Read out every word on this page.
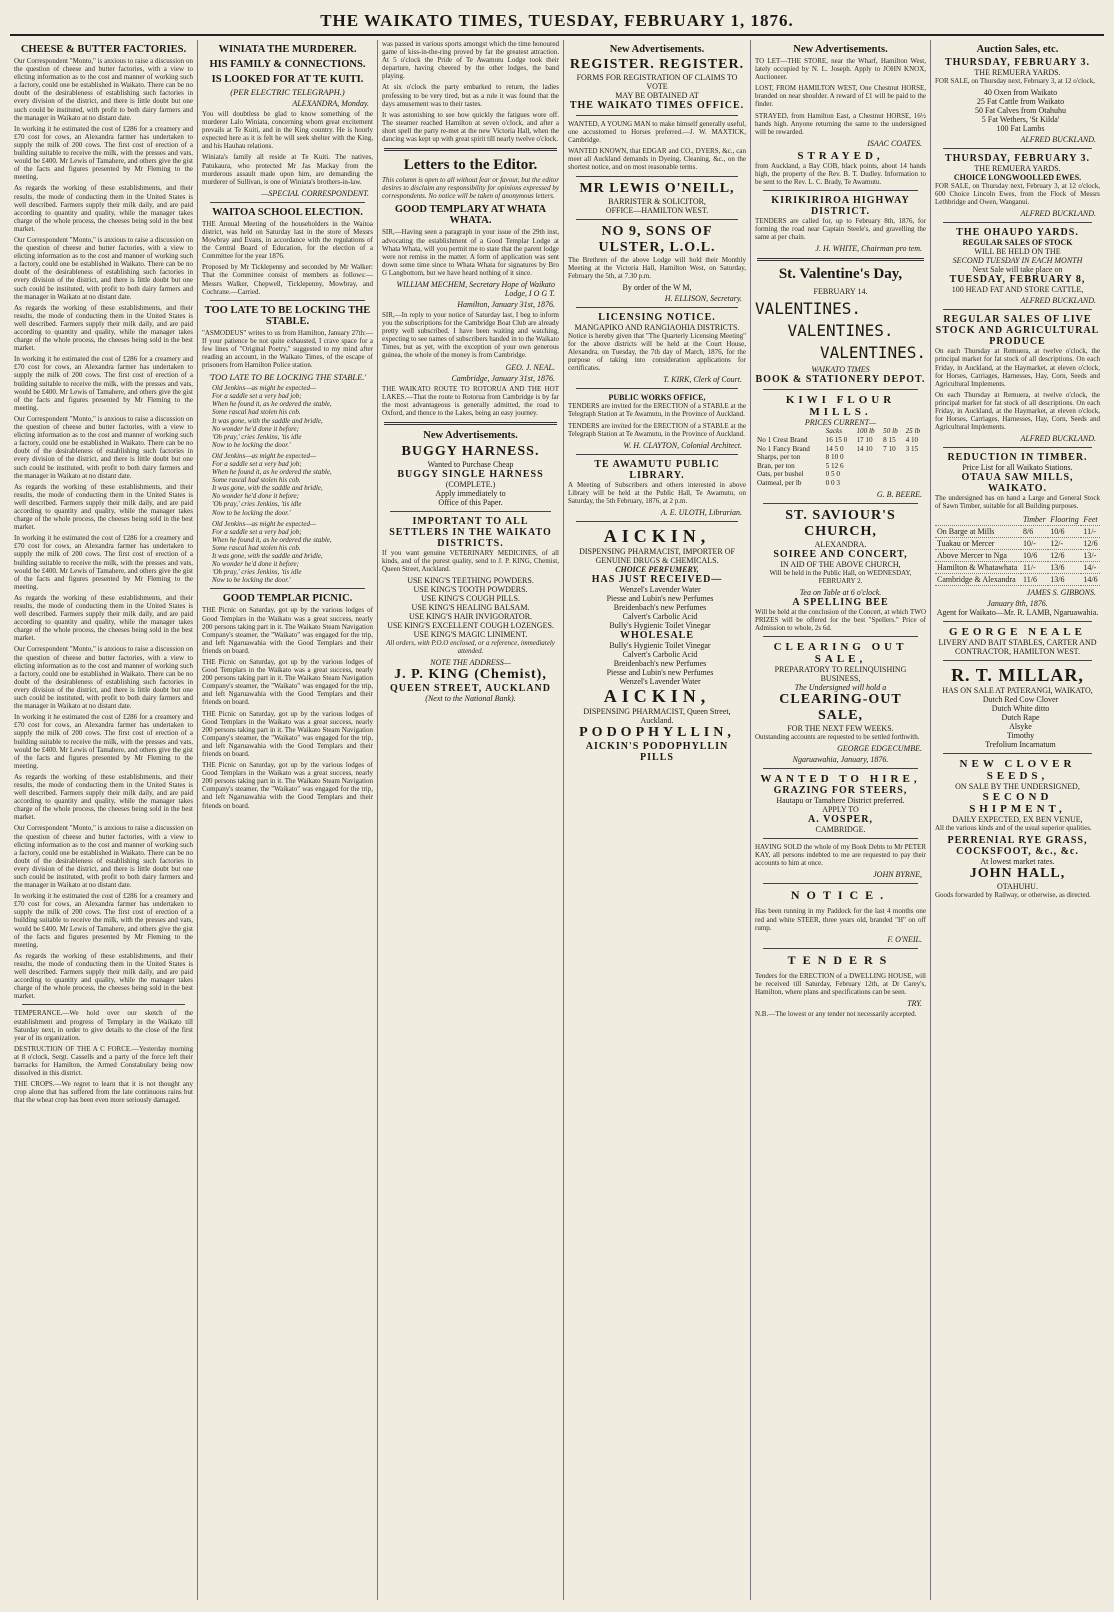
THE WAIKATO TIMES, TUESDAY, FEBRUARY 1, 1876.
CHEESE & BUTTER FACTORIES.

Our Correspondent "Monto," is anxious to raise a discussion on the question of cheese and butter factories, with a view to elicting information as to the cost and manner of working such a factory, could one be established in Waikato. There can be no doubt of the desirableness of establishing such factories in every division of the district, and there is little doubt but one such could be instituted, with profit to both dairy farmers and the manager in Waikato at no distant date.

In working it he estimated the cost of £286 for a creamery and £70 cost for cows, an Alexandra farmer has undertaken to supply the milk of 200 cows. The first cost of erection of a building suitable to receive the milk, with the presses and vats, would be £400. Mr Lewis of Tamahere, and others give the gist of the facts and figures presented by Mr Fleming to the meeting.

As regards the working of these establishments, and their results, the mode of conducting them in the United States is well described. Farmers supply their milk daily, and are paid according to quantity and quality, while the manager takes charge of the whole process, the cheeses being sold in the best market.

Our Correspondent "Monto," is anxious to raise a discussion on the question of cheese and butter factories, with a view to elicting information as to the cost and manner of working such a factory, could one be established in Waikato. There can be no doubt of the desirableness of establishing such factories in every division of the district, and there is little doubt but one such could be instituted, with profit to both dairy farmers and the manager in Waikato at no distant date.

As regards the working of these establishments, and their results, the mode of conducting them in the United States is well described. Farmers supply their milk daily, and are paid according to quantity and quality, while the manager takes charge of the whole process, the cheeses being sold in the best market.

In working it he estimated the cost of £286 for a creamery and £70 cost for cows, an Alexandra farmer has undertaken to supply the milk of 200 cows. The first cost of erection of a building suitable to receive the milk, with the presses and vats, would be £400. Mr Lewis of Tamahere, and others give the gist of the facts and figures presented by Mr Fleming to the meeting.

Our Correspondent "Monto," is anxious to raise a discussion on the question of cheese and butter factories, with a view to elicting information as to the cost and manner of working such a factory, could one be established in Waikato. There can be no doubt of the desirableness of establishing such factories in every division of the district, and there is little doubt but one such could be instituted, with profit to both dairy farmers and the manager in Waikato at no distant date.

As regards the working of these establishments, and their results, the mode of conducting them in the United States is well described. Farmers supply their milk daily, and are paid according to quantity and quality, while the manager takes charge of the whole process, the cheeses being sold in the best market.

In working it he estimated the cost of £286 for a creamery and £70 cost for cows, an Alexandra farmer has undertaken to supply the milk of 200 cows. The first cost of erection of a building suitable to receive the milk, with the presses and vats, would be £400. Mr Lewis of Tamahere, and others give the gist of the facts and figures presented by Mr Fleming to the meeting.

As regards the working of these establishments, and their results, the mode of conducting them in the United States is well described. Farmers supply their milk daily, and are paid according to quantity and quality, while the manager takes charge of the whole process, the cheeses being sold in the best market.

Our Correspondent "Monto," is anxious to raise a discussion on the question of cheese and butter factories, with a view to elicting information as to the cost and manner of working such a factory, could one be established in Waikato. There can be no doubt of the desirableness of establishing such factories in every division of the district, and there is little doubt but one such could be instituted, with profit to both dairy farmers and the manager in Waikato at no distant date.

In working it he estimated the cost of £286 for a creamery and £70 cost for cows, an Alexandra farmer has undertaken to supply the milk of 200 cows. The first cost of erection of a building suitable to receive the milk, with the presses and vats, would be £400. Mr Lewis of Tamahere, and others give the gist of the facts and figures presented by Mr Fleming to the meeting.

As regards the working of these establishments, and their results, the mode of conducting them in the United States is well described. Farmers supply their milk daily, and are paid according to quantity and quality, while the manager takes charge of the whole process, the cheeses being sold in the best market.

Our Correspondent "Monto," is anxious to raise a discussion on the question of cheese and butter factories, with a view to elicting information as to the cost and manner of working such a factory, could one be established in Waikato. There can be no doubt of the desirableness of establishing such factories in every division of the district, and there is little doubt but one such could be instituted, with profit to both dairy farmers and the manager in Waikato at no distant date.

In working it he estimated the cost of £286 for a creamery and £70 cost for cows, an Alexandra farmer has undertaken to supply the milk of 200 cows. The first cost of erection of a building suitable to receive the milk, with the presses and vats, would be £400. Mr Lewis of Tamahere, and others give the gist of the facts and figures presented by Mr Fleming to the meeting.

As regards the working of these establishments, and their results, the mode of conducting them in the United States is well described. Farmers supply their milk daily, and are paid according to quantity and quality, while the manager takes charge of the whole process, the cheeses being sold in the best market.

TEMPERANCE.—We hold over our sketch of the establishment and progress of Templary in the Waikato till Saturday next, in order to give details to the close of the first year of its organization.

DESTRUCTION OF THE A C FORCE.—Yesterday morning at 8 o'clock, Sergt. Cassells and a party of the force left their barracks for Hamilton, the Armed Constabulary being now dissolved in this district.

THE CROPS.—We regret to learn that it is not thought any crop alone that has suffered from the late continuous rains but that the wheat crop has been even more seriously damaged.

WINIATA THE MURDERER.
HIS FAMILY & CONNECTIONS.
IS LOOKED FOR AT TE KUITI.
(PER ELECTRIC TELEGRAPH.)
ALEXANDRA, Monday.

You will doubtless be glad to know something of the murderer Lalo Winiata, concerning whom great excitement prevails at Te Kuiti, and in the King country. He is hourly expected here as it is felt he will seek shelter with the King, and his Hauhau relations.

Winiata's family all reside at Te Kuiti. The natives, Patukaura, who protected Mr Jas Mackay from the murderous assault made upon him, are demanding the murderer of Sullivan, is one of Winiata's brothers-in-law.

—SPECIAL CORRESPONDENT.
WAITOA SCHOOL ELECTION.

THE Annual Meeting of the householders in the Waitoa district, was held on Saturday last in the store of Messrs Mowbray and Evans, in accordance with the regulations of the Central Board of Education, for the election of a Committee for the year 1876.

Proposed by Mr Ticklepenny and seconded by Mr Walker: That the Committee consist of members as follows:—Messrs Walker, Chepwell, Ticklepenny, Mowbray, and Cochrane.—Carried.

TOO LATE TO BE LOCKING THE STABLE.

"ASMODEUS" writes to us from Hamilton, January 27th:—If your patience be not quite exhausted, I crave space for a few lines of "Original Poetry," suggested to my mind after reading an account, in the Waikato Times, of the escape of prisoners from Hamilton Police station.

'TOO LATE TO BE LOCKING THE STABLE.'

Old Jenkins—as might be expected—
For a saddle set a very bad job;
When he found it, as he ordered the stable,
Some rascal had stolen his cob.
It was gone, with the saddle and bridle,
No wonder he'd done it before;
'Oh pray,' cries Jenkins, 'tis idle
Now to be locking the door.'

Old Jenkins—as might be expected—
For a saddle set a very bad job;
When he found it, as he ordered the stable,
Some rascal had stolen his cob.
It was gone, with the saddle and bridle,
No wonder he'd done it before;
'Oh pray,' cries Jenkins, 'tis idle
Now to be locking the door.'

Old Jenkins—as might be expected—
For a saddle set a very bad job;
When he found it, as he ordered the stable,
Some rascal had stolen his cob.
It was gone, with the saddle and bridle,
No wonder he'd done it before;
'Oh pray,' cries Jenkins, 'tis idle
Now to be locking the door.'

GOOD TEMPLAR PICNIC.

THE Picnic on Saturday, got up by the various lodges of Good Templars in the Waikato was a great success, nearly 200 persons taking part in it. The Waikato Steam Navigation Company's steamer, the "Waikato" was engaged for the trip, and left Ngaruawahia with the Good Templars and their friends on board.

THE Picnic on Saturday, got up by the various lodges of Good Templars in the Waikato was a great success, nearly 200 persons taking part in it. The Waikato Steam Navigation Company's steamer, the "Waikato" was engaged for the trip, and left Ngaruawahia with the Good Templars and their friends on board.

THE Picnic on Saturday, got up by the various lodges of Good Templars in the Waikato was a great success, nearly 200 persons taking part in it. The Waikato Steam Navigation Company's steamer, the "Waikato" was engaged for the trip, and left Ngaruawahia with the Good Templars and their friends on board.

THE Picnic on Saturday, got up by the various lodges of Good Templars in the Waikato was a great success, nearly 200 persons taking part in it. The Waikato Steam Navigation Company's steamer, the "Waikato" was engaged for the trip, and left Ngaruawahia with the Good Templars and their friends on board.

was passed in various sports amongst which the time honoured game of kiss-in-the-ring proved by far the greatest attraction. At 5 o'clock the Pride of Te Awamutu Lodge took their departure, having cheered by the other lodges, the band playing.

At six o'clock the party embarked to return, the ladies professing to be very tired, but as a rule it was found that the days amusement was to their tastes.

It was astonishing to see how quickly the fatigues wore off. The steamer reached Hamilton at seven o'clock, and after a short spell the party re-met at the new Victoria Hall, when the dancing was kept up with great spirit till nearly twelve o'clock.

Letters to the Editor.

This column is open to all without fear or favour, but the editor desires to disclaim any responsibility for opinions expressed by correspondents. No notice will be taken of anonymous letters.

GOOD TEMPLARY AT WHATA WHATA.

SIR,—Having seen a paragraph in your issue of the 29th inst, advocating the establishment of a Good Templar Lodge at Whata Whata, will you permit me to state that the parent lodge were not remiss in the matter. A form of application was sent down some time since to Whata Whata for signatures by Bro G Langbottom, but we have heard nothing of it since.

WILLIAM MECHEM, Secretary Hope of Waikato Lodge, I O G T.
Hamilton, January 31st, 1876.

SIR,—In reply to your notice of Saturday last, I beg to inform you the subscriptions for the Cambridge Boat Club are already pretty well subscribed. I have been waiting and watching, expecting to see names of subscribers handed in to the Waikato Times, but as yet, with the exception of your own generous guinea, the whole of the money is from Cambridge.

GEO. J. NEAL.
Cambridge, January 31st, 1876.

THE WAIKATO ROUTE TO ROTORUA AND THE HOT LAKES.—That the route to Rotorua from Cambridge is by far the most advantageous is generally admitted, the road to Oxford, and thence to the Lakes, being an easy journey.

New Advertisements.
BUGGY HARNESS.
Wanted to Purchase Cheap
BUGGY SINGLE HARNESS
(COMPLETE.)
Apply immediately to
Office of this Paper.
IMPORTANT TO ALL SETTLERS IN THE WAIKATO DISTRICTS.

If you want genuine VETERINARY MEDICINES, of all kinds, and of the purest quality, send to J. P. KING, Chemist, Queen Street, Auckland.

USE KING'S TEETHING POWDERS.
USE KING'S TOOTH POWDERS.
USE KING'S COUGH PILLS.
USE KING'S HEALING BALSAM.
USE KING'S HAIR INVIGORATOR.
USE KING'S EXCELLENT COUGH LOZENGES.
USE KING'S MAGIC LINIMENT.

All orders, with P.O.O enclosed, or a reference, immediately attended.

NOTE THE ADDRESS—
J. P. KING (Chemist),
QUEEN STREET, AUCKLAND
(Next to the National Bank).
New Advertisements.
REGISTER. REGISTER.
FORMS FOR REGISTRATION OF CLAIMS TO VOTE
MAY BE OBTAINED AT
THE WAIKATO TIMES OFFICE.

WANTED, A YOUNG MAN to make himself generally useful, one accustomed to Horses preferred.—J. W. MAXTICK, Cambridge.

WANTED KNOWN, that EDGAR and CO., DYERS, &c., can meet all Auckland demands in Dyeing, Cleaning, &c., on the shortest notice, and on most reasonable terms.

MR LEWIS O'NEILL,
BARRISTER & SOLICITOR,
OFFICE—HAMILTON WEST.
NO 9, SONS OF ULSTER, L.O.L.

The Brethren of the above Lodge will hold their Monthly Meeting at the Victoria Hall, Hamilton West, on Saturday, February the 5th, at 7.30 p.m.

By order of the W M,
H. ELLISON, Secretary.
LICENSING NOTICE.
MANGAPIKO AND RANGIAOHIA DISTRICTS.

Notice is hereby given that "The Quarterly Licensing Meeting" for the above districts will be held at the Court House, Alexandra, on Tuesday, the 7th day of March, 1876, for the purpose of taking into consideration applications for certificates.

T. KIRK, Clerk of Court.
PUBLIC WORKS OFFICE,

TENDERS are invited for the ERECTION of a STABLE at the Telegraph Station at Te Awamutu, in the Province of Auckland.

TENDERS are invited for the ERECTION of a STABLE at the Telegraph Station at Te Awamutu, in the Province of Auckland.

W. H. CLAYTON, Colonial Architect.
TE AWAMUTU PUBLIC LIBRARY.

A Meeting of Subscribers and others interested in above Library will be held at the Public Hall, Te Awamutu, on Saturday, the 5th February, 1876, at 2 p.m.

A. E. ULOTH, Librarian.
AICKIN,
DISPENSING PHARMACIST, IMPORTER OF GENUINE DRUGS & CHEMICALS.
CHOICE PERFUMERY,
HAS JUST RECEIVED—
Wenzel's Lavender Water
Piesse and Lubin's new Perfumes
Breidenbach's new Perfumes
Calvert's Carbolic Acid
Bully's Hygienic Toilet Vinegar
WHOLESALE
Bully's Hygienic Toilet Vinegar
Calvert's Carbolic Acid
Breidenbach's new Perfumes
Piesse and Lubin's new Perfumes
Wenzel's Lavender Water
AICKIN,
DISPENSING PHARMACIST, Queen Street, Auckland.
PODOPHYLLIN,
AICKIN'S PODOPHYLLIN PILLS
New Advertisements.

TO LET—THE STORE, near the Wharf, Hamilton West, lately occupied by N. L. Joseph. Apply to JOHN KNOX, Auctioneer.

LOST, FROM HAMILTON WEST, One Chestnut HORSE, branded on near shoulder. A reward of £1 will be paid to the finder.

STRAYED, from Hamilton East, a Chestnut HORSE, 16½ hands high. Anyone returning the same to the undersigned will be rewarded.

ISAAC COATES.
STRAYED,

from Auckland, a Bay COB, black points, about 14 hands high, the property of the Rev. B. T. Dudley. Information to be sent to the Rev. L. C. Brady, Te Awamutu.

KIRIKIRIROA HIGHWAY DISTRICT.

TENDERS are called for, up to February 8th, 1876, for forming the road near Captain Steele's, and gravelling the same at per chain.

J. H. WHITE, Chairman pro tem.
St. Valentine's Day,
FEBRUARY 14.
VALENTINES.
VALENTINES.
VALENTINES.
WAIKATO TIMES
BOOK & STATIONERY DEPOT.
KIWI FLOUR MILLS.
PRICES CURRENT—
	Sacks	100 lb	50 lb	25 lb
No 1 Crest Brand	16 15 0	17 10	8 15	4 10
No 1 Fancy Brand	14 5 0	14 10	7 10	3 15
Sharps, per ton	8 10 0			
Bran, per ton	5 12 6			
Oats, per bushel	0 5 0			
Oatmeal, per lb	0 0 3			
G. B. BEERE.
ST. SAVIOUR'S CHURCH,
ALEXANDRA.
SOIREE AND CONCERT,
IN AID OF THE ABOVE CHURCH,

Will be held in the Public Hall, on WEDNESDAY, FEBRUARY 2.

Tea on Table at 6 o'clock.
A SPELLING BEE

Will be held at the conclusion of the Concert, at which TWO PRIZES will be offered for the best "Spellers." Price of Admission to whole, 2s 6d.

CLEARING OUT SALE,
PREPARATORY TO RELINQUISHING BUSINESS,
The Undersigned will hold a
CLEARING-OUT SALE,
FOR THE NEXT FEW WEEKS.

Outstanding accounts are requested to be settled forthwith.

GEORGE EDGECUMBE.
Ngaruawahia, January, 1876.
WANTED TO HIRE,
GRAZING FOR STEERS,
Hautapu or Tamahere District preferred.
APPLY TO
A. VOSPER,
CAMBRIDGE.

HAVING SOLD the whole of my Book Debts to Mr PETER KAY, all persons indebted to me are requested to pay their accounts to him at once.

JOHN BYRNE,
NOTICE.

Has been running in my Paddock for the last 4 months one red and white STEER, three years old, branded "H" on off rump.

F. O'NEIL.
TENDERS

Tenders for the ERECTION of a DWELLING HOUSE, will be received till Saturday, February 12th, at Dr Carey's, Hamilton, where plans and specifications can be seen.

TRY.

N.B.—The lowest or any tender not necessarily accepted.

Auction Sales, etc.
THURSDAY, FEBRUARY 3.
THE REMUERA YARDS.

FOR SALE, on Thursday next, February 3, at 12 o'clock,

40 Oxen from Waikato
25 Fat Cattle from Waikato
50 Fat Calves from Otahuhu
5 Fat Wethers, 'St Kilda'
100 Fat Lambs
ALFRED BUCKLAND.
THURSDAY, FEBRUARY 3.
THE REMUERA YARDS.
CHOICE LONGWOOLLED EWES.

FOR SALE, on Thursday next, February 3, at 12 o'clock, 600 Choice Lincoln Ewes, from the Flock of Messrs Lethbridge and Owen, Wanganui.

ALFRED BUCKLAND.
THE OHAUPO YARDS.
REGULAR SALES OF STOCK
WILL BE HELD ON THE
SECOND TUESDAY IN EACH MONTH
Next Sale will take place on
TUESDAY, FEBRUARY 8,
100 HEAD FAT AND STORE CATTLE,
ALFRED BUCKLAND.
REGULAR SALES OF LIVE STOCK AND AGRICULTURAL PRODUCE

On each Thursday at Remuera, at twelve o'clock, the principal market for fat stock of all descriptions. On each Friday, in Auckland, at the Haymarket, at eleven o'clock, for Horses, Carriages, Harnesses, Hay, Corn, Seeds and Agricultural Implements.

On each Thursday at Remuera, at twelve o'clock, the principal market for fat stock of all descriptions. On each Friday, in Auckland, at the Haymarket, at eleven o'clock, for Horses, Carriages, Harnesses, Hay, Corn, Seeds and Agricultural Implements.

ALFRED BUCKLAND.
REDUCTION IN TIMBER.
Price List for all Waikato Stations.
OTAUA SAW MILLS, WAIKATO.

The undersigned has on hand a Large and General Stock of Sawn Timber, suitable for all Building purposes.

	Timber	Flooring	Feet
On Barge at Mills	8/6	10/6	11/-
Tuakau or Mercer	10/-	12/-	12/6
Above Mercer to Nga	10/6	12/6	13/-
Hamilton & Whatawhata	11/-	13/6	14/-
Cambridge & Alexandra	11/6	13/6	14/6
JAMES S. GIBBONS.
January 8th, 1876.
Agent for Waikato—Mr. R. LAMB, Ngaruawahia.
GEORGE NEALE
LIVERY AND BAIT STABLES, CARTER AND CONTRACTOR, HAMILTON WEST.
R. T. MILLAR,
HAS ON SALE AT PATERANGI, WAIKATO,
Dutch Red Cow Clover
Dutch White ditto
Dutch Rape
Alsyke
Timothy
Trefolium Incarnatum
NEW CLOVER SEEDS,
ON SALE BY THE UNDERSIGNED,
SECOND SHIPMENT,
DAILY EXPECTED, EX BEN VENUE,

All the various kinds and of the usual superior qualities.

PERRENIAL RYE GRASS,
COCKSFOOT, &c., &c.
At lowest market rates.
JOHN HALL,
OTAHUHU.

Goods forwarded by Railway, or otherwise, as directed.
